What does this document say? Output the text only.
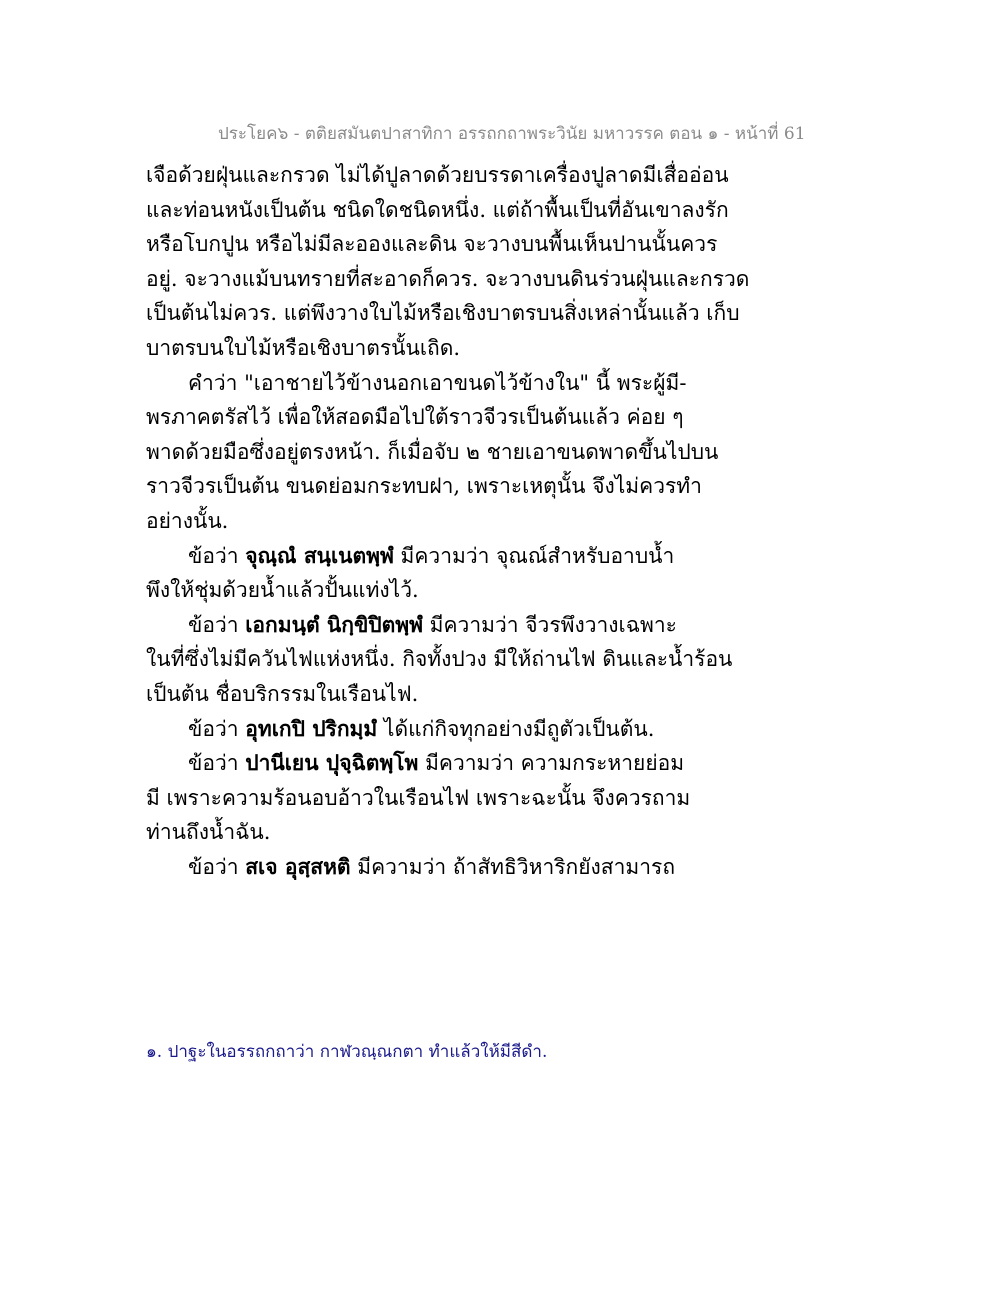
ประโยค๖ - ตติยสมันตปาสาทิกา อรรถกถาพระวินัย มหาวรรค ตอน ๑ - หน้าที่ 61
เจือด้วยฝุ่นและกรวด ไม่ได้ปูลาดด้วยบรรดาเครื่องปูลาดมีเสื่ออ่อน
และท่อนหนังเป็นต้น ชนิดใดชนิดหนึ่ง. แต่ถ้าพื้นเป็นที่อันเขาลงรัก
หรือโบกปูน หรือไม่มีละอองและดิน จะวางบนพื้นเห็นปานนั้นควร
อยู่. จะวางแม้บนทรายที่สะอาดก็ควร. จะวางบนดินร่วนฝุ่นและกรวด
เป็นต้นไม่ควร. แต่พึงวางใบไม้หรือเชิงบาตรบนสิ่งเหล่านั้นแล้ว เก็บ
บาตรบนใบไม้หรือเชิงบาตรนั้นเถิด.
คำว่า "เอาชายไว้ข้างนอกเอาขนดไว้ข้างใน" นี้ พระผู้มี-
พรภาคตรัสไว้ เพื่อให้สอดมือไปใต้ราวจีวรเป็นต้นแล้ว ค่อย ๆ
พาดด้วยมือซึ่งอยู่ตรงหน้า. ก็เมื่อจับ ๒ ชายเอาขนดพาดขึ้นไปบน
ราวจีวรเป็นต้น ขนดย่อมกระทบฝา, เพราะเหตุนั้น จึงไม่ควรทำ
อย่างนั้น.
ข้อว่า จุณฺณํ สนฺเนตพฺพํ มีความว่า จุณณ์สำหรับอาบน้ำ
พึงให้ชุ่มด้วยน้ำแล้วปั้นแท่งไว้.
ข้อว่า เอกมนฺตํ นิกฺขิปิตพฺพํ มีความว่า จีวรพึงวางเฉพาะ
ในที่ซึ่งไม่มีควันไฟแห่งหนึ่ง. กิจทั้งปวง มีให้ถ่านไฟ ดินและน้ำร้อน
เป็นต้น ชื่อบริกรรมในเรือนไฟ.
ข้อว่า อุทเกปิ ปริกมฺมํ ได้แก่กิจทุกอย่างมีถูตัวเป็นต้น.
ข้อว่า ปานีเยน ปุจฺฉิตพฺโพ มีความว่า ความกระหายย่อม
มี เพราะความร้อนอบอ้าวในเรือนไฟ เพราะฉะนั้น จึงควรถาม
ท่านถึงน้ำฉัน.
ข้อว่า สเจ อุสฺสหติ มีความว่า ถ้าสัทธิวิหาริกยังสามารถ
๑. ปาฐะในอรรถกถาว่า กาฬวณฺณกตา ทำแล้วให้มีสีดำ.
